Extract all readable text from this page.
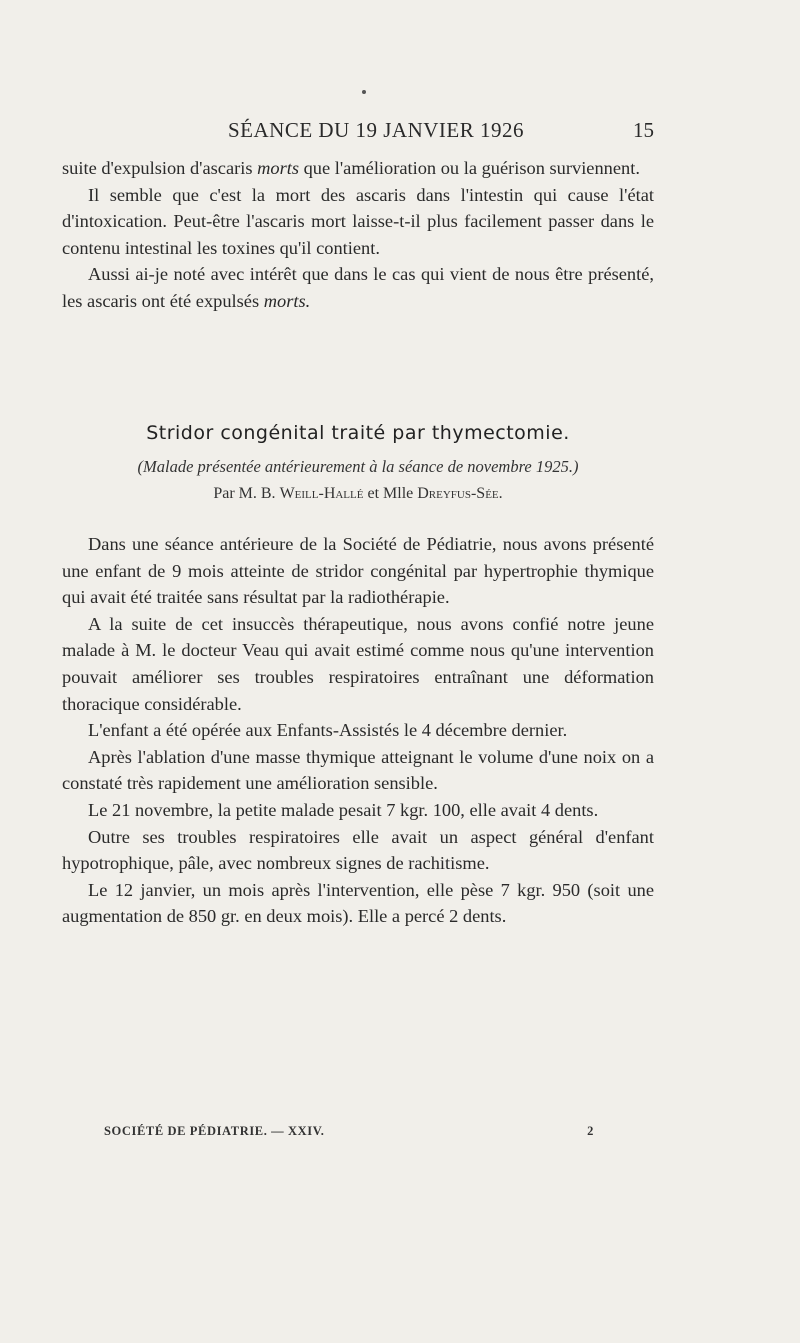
SÉANCE DU 19 JANVIER 1926	15

suite d'expulsion d'ascaris morts que l'amélioration ou la guérison surviennent.

Il semble que c'est la mort des ascaris dans l'intestin qui cause l'état d'intoxication. Peut-être l'ascaris mort laisse-t-il plus facilement passer dans le contenu intestinal les toxines qu'il contient.

Aussi ai-je noté avec intérêt que dans le cas qui vient de nous être présenté, les ascaris ont été expulsés morts.

Stridor congénital traité par thymectomie.
(Malade présentée antérieurement à la séance de novembre 1925.)
Par M. B. Weill-Hallé et Mlle Dreyfus-Sée.

Dans une séance antérieure de la Société de Pédiatrie, nous avons présenté une enfant de 9 mois atteinte de stridor congénital par hypertrophie thymique qui avait été traitée sans résultat par la radiothérapie.

A la suite de cet insuccès thérapeutique, nous avons confié notre jeune malade à M. le docteur Veau qui avait estimé comme nous qu'une intervention pouvait améliorer ses troubles respiratoires entraînant une déformation thoracique considérable.

L'enfant a été opérée aux Enfants-Assistés le 4 décembre dernier.

Après l'ablation d'une masse thymique atteignant le volume d'une noix on a constaté très rapidement une amélioration sensible.

Le 21 novembre, la petite malade pesait 7 kgr. 100, elle avait 4 dents.

Outre ses troubles respiratoires elle avait un aspect général d'enfant hypotrophique, pâle, avec nombreux signes de rachitisme.

Le 12 janvier, un mois après l'intervention, elle pèse 7 kgr. 950 (soit une augmentation de 850 gr. en deux mois). Elle a percé 2 dents.

SOCIÉTÉ DE PÉDIATRIE. — XXIV.	2
